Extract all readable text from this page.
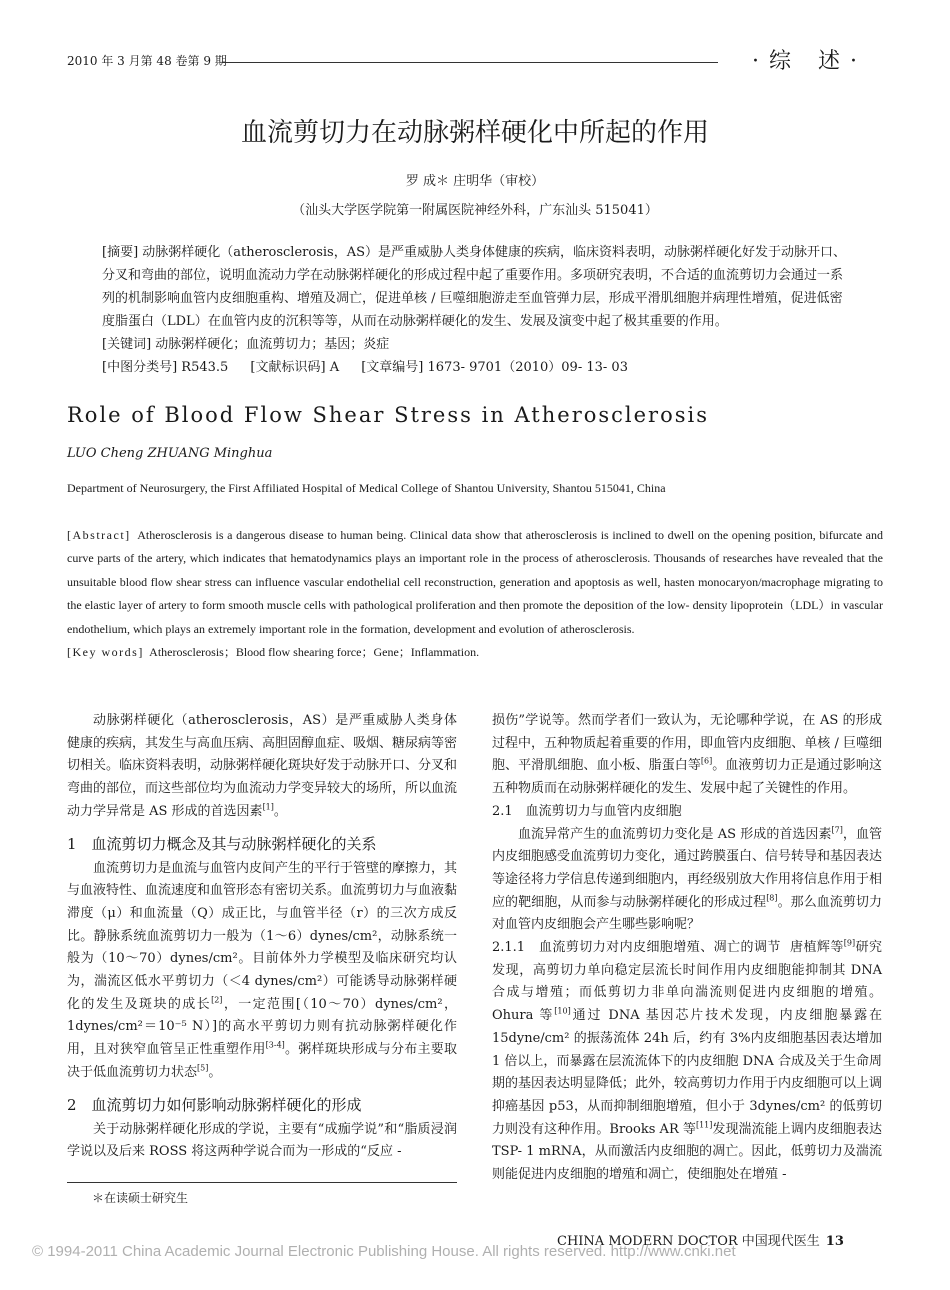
2010 年 3 月第 48 卷第 9 期	·综 述·
血流剪切力在动脉粥样硬化中所起的作用
罗 成＊ 庄明华（审校）
（汕头大学医学院第一附属医院神经外科，广东汕头 515041）

[摘要] 动脉粥样硬化（atherosclerosis，AS）是严重威胁人类身体健康的疾病，临床资料表明，动脉粥样硬化好发于动脉开口、分叉和弯曲的部位，说明血流动力学在动脉粥样硬化的形成过程中起了重要作用。多项研究表明，不合适的血流剪切力会通过一系列的机制影响血管内皮细胞重构、增殖及凋亡，促进单核 / 巨噬细胞游走至血管弹力层，形成平滑肌细胞并病理性增殖，促进低密度脂蛋白（LDL）在血管内皮的沉积等等，从而在动脉粥样硬化的发生、发展及演变中起了极其重要的作用。

[关键词] 动脉粥样硬化；血流剪切力；基因；炎症

[中图分类号] R543.5 [文献标识码] A [文章编号] 1673- 9701（2010）09- 13- 03

Role of Blood Flow Shear Stress in Atherosclerosis
LUO Cheng ZHUANG Minghua
Department of Neurosurgery, the First Affiliated Hospital of Medical College of Shantou University, Shantou 515041, China

[Abstract] Atherosclerosis is a dangerous disease to human being. Clinical data show that atherosclerosis is inclined to dwell on the opening position, bifurcate and curve parts of the artery, which indicates that hematodynamics plays an important role in the process of atherosclerosis. Thousands of researches have revealed that the unsuitable blood flow shear stress can influence vascular endothelial cell reconstruction, generation and apoptosis as well, hasten monocaryon/macrophage migrating to the elastic layer of artery to form smooth muscle cells with pathological proliferation and then promote the deposition of the low- density lipoprotein（LDL）in vascular endothelium, which plays an extremely important role in the formation, development and evolution of atherosclerosis.

[Key words] Atherosclerosis；Blood flow shearing force；Gene；Inflammation.

动脉粥样硬化（atherosclerosis，AS）是严重威胁人类身体健康的疾病，其发生与高血压病、高胆固醇血症、吸烟、糖尿病等密切相关。临床资料表明，动脉粥样硬化斑块好发于动脉开口、分叉和弯曲的部位，而这些部位均为血流动力学变异较大的场所，所以血流动力学异常是 AS 形成的首选因素[1]。

1　血流剪切力概念及其与动脉粥样硬化的关系

血流剪切力是血流与血管内皮间产生的平行于管壁的摩擦力，其与血液特性、血流速度和血管形态有密切关系。血流剪切力与血液黏滞度（μ）和血流量（Q）成正比，与血管半径（r）的三次方成反比。静脉系统血流剪切力一般为（1～6）dynes/cm²，动脉系统一般为（10～70）dynes/cm²。目前体外力学模型及临床研究均认为，湍流区低水平剪切力（＜4 dynes/cm²）可能诱导动脉粥样硬化的发生及斑块的成长[2]，一定范围[（10～70）dynes/cm²，1dynes/cm²＝10⁻⁵ N）]的高水平剪切力则有抗动脉粥样硬化作用，且对狭窄血管呈正性重塑作用[3-4]。粥样斑块形成与分布主要取决于低血流剪切力状态[5]。

2　血流剪切力如何影响动脉粥样硬化的形成

关于动脉粥样硬化形成的学说，主要有“成痂学说”和“脂质浸润学说以及后来 ROSS 将这两种学说合而为一形成的“反应 -

＊在读硕士研究生

损伤”学说等。然而学者们一致认为，无论哪种学说，在 AS 的形成过程中，五种物质起着重要的作用，即血管内皮细胞、单核 / 巨噬细胞、平滑肌细胞、血小板、脂蛋白等[6]。血液剪切力正是通过影响这五种物质而在动脉粥样硬化的发生、发展中起了关键性的作用。

2.1　血流剪切力与血管内皮细胞

血流异常产生的血流剪切力变化是 AS 形成的首选因素[7]，血管内皮细胞感受血流剪切力变化，通过跨膜蛋白、信号转导和基因表达等途径将力学信息传递到细胞内，再经级别放大作用将信息作用于相应的靶细胞，从而参与动脉粥样硬化的形成过程[8]。那么血流剪切力对血管内皮细胞会产生哪些影响呢？

2.1.1　血流剪切力对内皮细胞增殖、凋亡的调节 唐植辉等[9]研究发现，高剪切力单向稳定层流长时间作用内皮细胞能抑制其 DNA 合成与增殖；而低剪切力非单向湍流则促进内皮细胞的增殖。Ohura 等[10]通过 DNA 基因芯片技术发现，内皮细胞暴露在 15dyne/cm² 的振荡流体 24h 后，约有 3%内皮细胞基因表达增加 1 倍以上，而暴露在层流流体下的内皮细胞 DNA 合成及关于生命周期的基因表达明显降低；此外，较高剪切力作用于内皮细胞可以上调抑癌基因 p53，从而抑制细胞增殖，但小于 3dynes/cm² 的低剪切力则没有这种作用。Brooks AR 等[11]发现湍流能上调内皮细胞表达 TSP- 1 mRNA，从而激活内皮细胞的凋亡。因此，低剪切力及湍流则能促进内皮细胞的增殖和凋亡，使细胞处在增殖 -

CHINA MODERN DOCTOR 中国现代医生 13
© 1994-2011 China Academic Journal Electronic Publishing House. All rights reserved. http://www.cnki.net
